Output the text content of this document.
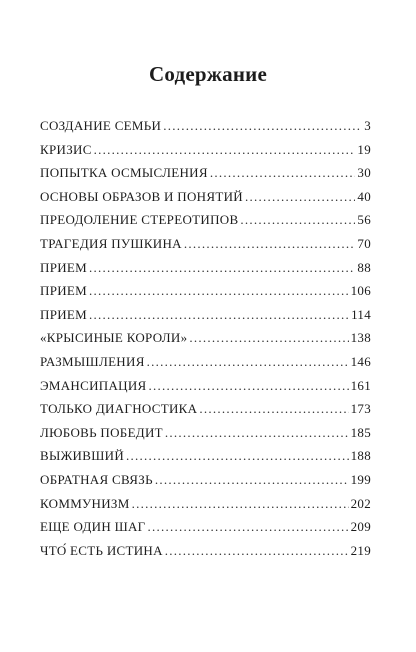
Содержание
СОЗДАНИЕ СЕМЬИ . . .	3
КРИЗИС . . .	19
ПОПЫТКА ОСМЫСЛЕНИЯ . . .	30
ОСНОВЫ ОБРАЗОВ И ПОНЯТИЙ . . .	40
ПРЕОДОЛЕНИЕ СТЕРЕОТИПОВ . . .	56
ТРАГЕДИЯ ПУШКИНА . . .	70
ПРИЕМ . . .	88
ПРИЕМ . . .	106
ПРИЕМ . . .	114
«КРЫСИНЫЕ КОРОЛИ» . . .	138
РАЗМЫШЛЕНИЯ . . .	146
ЭМАНСИПАЦИЯ . . .	161
ТОЛЬКО ДИАГНОСТИКА . . .	173
ЛЮБОВЬ ПОБЕДИТ . . .	185
ВЫЖИВШИЙ . . .	188
ОБРАТНАЯ СВЯЗЬ . . .	199
КОММУНИЗМ . . .	202
ЕЩЕ ОДИН ШАГ . . .	209
ЧТО́ ЕСТЬ ИСТИНА . . .	219
